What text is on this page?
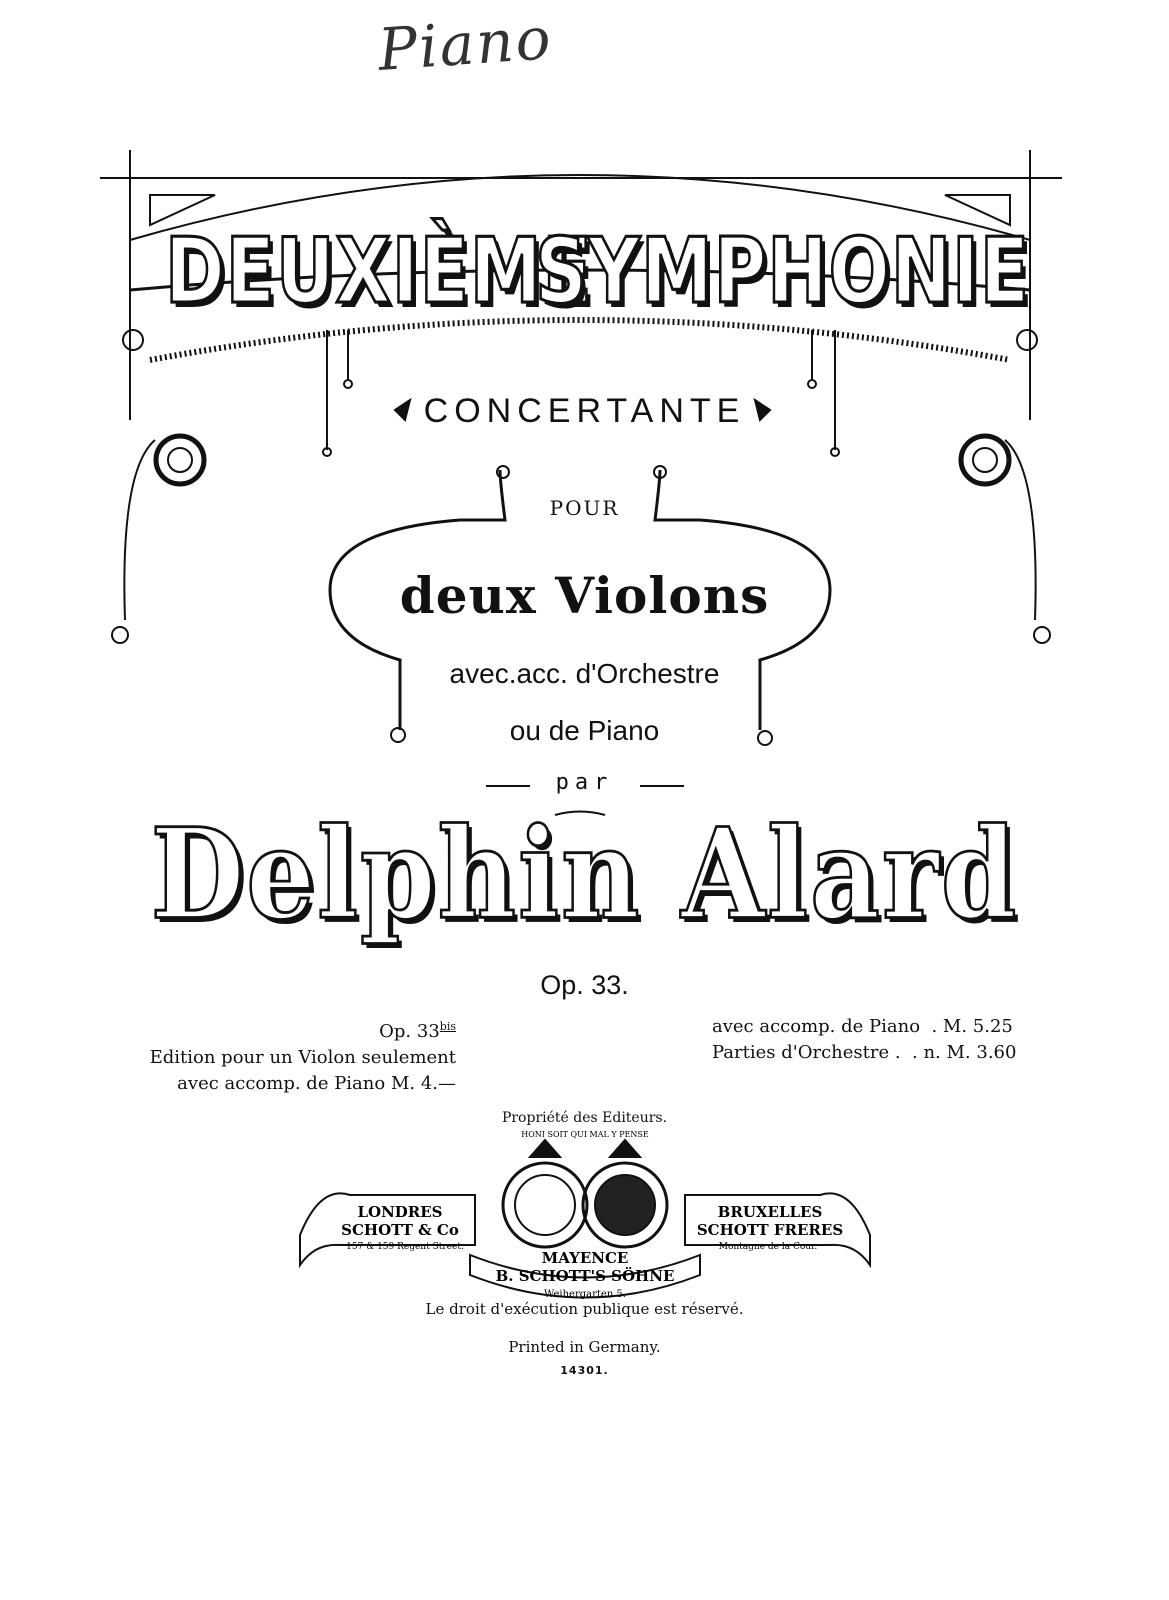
Piano
DEUXIÈME
SYMPHONIE
CONCERTANTE
POUR
deux Violons
avec.acc. d'Orchestre
ou de Piano
par
Delphin Alard
Op. 33.
Op. $33^{bis}$
Edition pour un Violon seulement
avec accomp. de Piano M. 4.—
avec accomp. de Piano  . M. 5.25
Parties d'Orchestre .  . n. M. 3.60
Propriété des Editeurs.
LONDRES
SCHOTT & Co
157 & 159 Regent Street.
BRUXELLES
SCHOTT FRERES
Montagne de la Cour.
MAYENCE
B. SCHOTT'S SÖHNE
Weihergarten 5.
HONI SOIT QUI MAL Y PENSE
Le droit d'exécution publique est réservé.
Printed in Germany.
14301.
